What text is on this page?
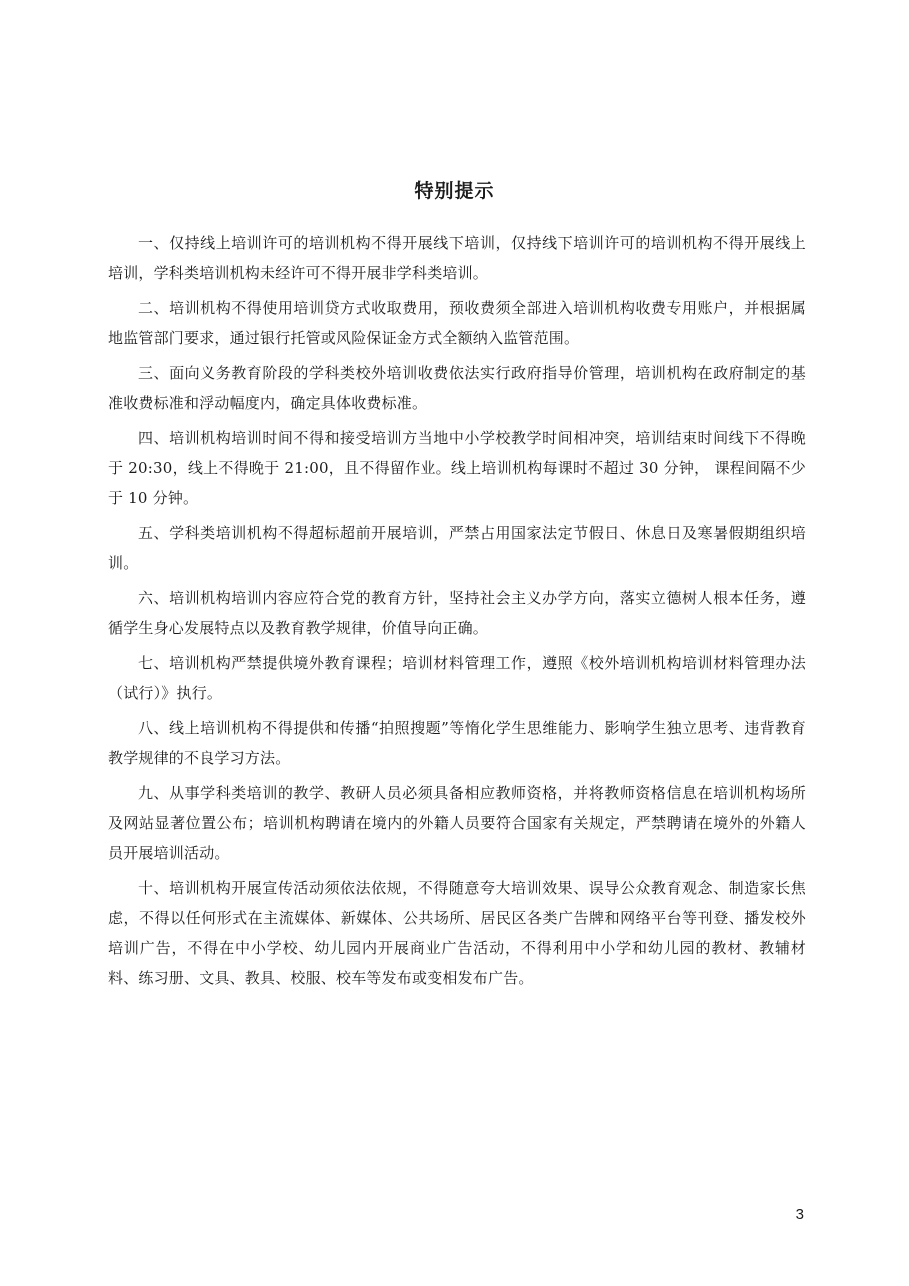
特别提示

一、仅持线上培训许可的培训机构不得开展线下培训，仅持线下培训许可的培训机构不得开展线上培训，学科类培训机构未经许可不得开展非学科类培训。

二、培训机构不得使用培训贷方式收取费用，预收费须全部进入培训机构收费专用账户，并根据属地监管部门要求，通过银行托管或风险保证金方式全额纳入监管范围。

三、面向义务教育阶段的学科类校外培训收费依法实行政府指导价管理，培训机构在政府制定的基准收费标准和浮动幅度内，确定具体收费标准。

四、培训机构培训时间不得和接受培训方当地中小学校教学时间相冲突，培训结束时间线下不得晚于 20:30，线上不得晚于 21:00，且不得留作业。线上培训机构每课时不超过 30 分钟， 课程间隔不少于 10 分钟。

五、学科类培训机构不得超标超前开展培训，严禁占用国家法定节假日、休息日及寒暑假期组织培训。

六、培训机构培训内容应符合党的教育方针，坚持社会主义办学方向，落实立德树人根本任务，遵循学生身心发展特点以及教育教学规律，价值导向正确。

七、培训机构严禁提供境外教育课程；培训材料管理工作，遵照《校外培训机构培训材料管理办法（试行）》执行。

八、线上培训机构不得提供和传播“拍照搜题”等惰化学生思维能力、影响学生独立思考、违背教育教学规律的不良学习方法。

九、从事学科类培训的教学、教研人员必须具备相应教师资格，并将教师资格信息在培训机构场所及网站显著位置公布；培训机构聘请在境内的外籍人员要符合国家有关规定，严禁聘请在境外的外籍人员开展培训活动。

十、培训机构开展宣传活动须依法依规，不得随意夸大培训效果、误导公众教育观念、制造家长焦虑，不得以任何形式在主流媒体、新媒体、公共场所、居民区各类广告牌和网络平台等刊登、播发校外培训广告，不得在中小学校、幼儿园内开展商业广告活动，不得利用中小学和幼儿园的教材、教辅材料、练习册、文具、教具、校服、校车等发布或变相发布广告。

3
